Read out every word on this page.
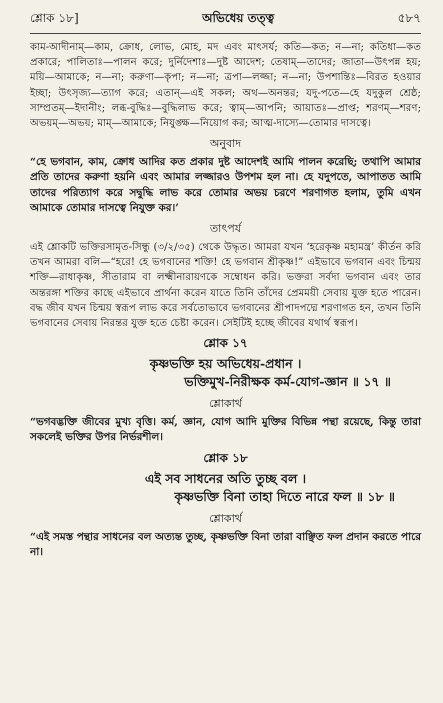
শ্লোক ১৮]	অভিধেয় তত্ত্ব	৫৮৭

কাম-আদীনাম্—কাম, ক্রোধ, লোভ, মোহ, মদ এবং মাৎসর্য; কতি—কত; ন—না; কতিধা—কত প্রকারে; পালিতাঃ—পালন করে; দুর্নিদেশাঃ—দুষ্ট আদেশ; তেষাম্—তাদের; জাতা—উৎপন্ন হয়; ময়ি—আমাকে; ন—না; করুণা—কৃপা; ন—না; ত্রপা—লজ্জা; ন—না; উপশান্তিঃ—বিরত হওয়ার ইচ্ছা; উৎসৃজ্য—ত্যাগ করে; এতান্—এই সকল; অথ—অনন্তর; যদু-পতে—হে যদুকুল শ্রেষ্ঠ; সাম্প্রতম্—ইদানীং; লব্ধ-বুদ্ধিঃ—বুদ্ধিলাভ করে; ত্বাম্—আপনি; আয়াতঃ—প্রাপ্ত; শরণম্—শরণ; অভয়ম্—অভয়; মাম্—আমাকে; নিযুঙ্ক্ষ—নিয়োগ কর; আত্ম-দাস্যে—তোমার দাসত্বে।

অনুবাদ

“হে ভগবান, কাম, ক্রোধ আদির কত প্রকার দুষ্ট আদেশই আমি পালন করেছি; তথাপি আমার প্রতি তাদের করুণা হয়নি এবং আমার লজ্জারও উপশম হল না। হে যদুপতে, আপাতত আমি তাদের পরিত্যাগ করে সদ্বুদ্ধি লাভ করে তোমার অভয় চরণে শরণাগত হলাম, তুমি এখন আমাকে তোমার দাসত্বে নিযুক্ত কর।’

তাৎপর্য

এই শ্লোকটি ভক্তিরসামৃত-সিন্ধু (৩/২/৩৫) থেকে উদ্ধৃত। আমরা যখন ‘হরেকৃষ্ণ মহামন্ত্র’ কীর্তন করি তখন আমরা বলি—“হরে! হে ভগবানের শক্তি! হে ভগবান শ্রীকৃষ্ণ!” এইভাবে ভগবান এবং চিন্ময় শক্তি—রাধাকৃষ্ণ, সীতারাম বা লক্ষ্মীনারায়ণকে সম্বোধন করি। ভক্তরা সর্বদা ভগবান এবং তার অন্তরঙ্গা শক্তির কাছে এইভাবে প্রার্থনা করেন যাতে তিনি তাঁদের প্রেমময়ী সেবায় যুক্ত হতে পারেন। বদ্ধ জীব যখন চিন্ময় স্বরূপ লাভ করে সর্বতোভাবে ভগবানের শ্রীপাদপদ্মে শরণাগত হন, তখন তিনি ভগবানের সেবায় নিরন্তর যুক্ত হতে চেষ্টা করেন। সেইটিই হচ্ছে জীবের যথার্থ স্বরূপ।

শ্লোক ১৭
কৃষ্ণভক্তি হয় অভিধেয়-প্রধান ।
ভক্তিমুখ-নিরীক্ষক কর্ম-যোগ-জ্ঞান ॥ ১৭ ॥
শ্লোকার্থ

“ভগবদ্ভক্তি জীবের মুখ্য বৃত্তি। কর্ম, জ্ঞান, যোগ আদি মুক্তির বিভিন্ন পন্থা রয়েছে, কিন্তু তারা সকলেই ভক্তির উপর নির্ভরশীল।

শ্লোক ১৮
এই সব সাধনের অতি তুচ্ছ বল ।
কৃষ্ণভক্তি বিনা তাহা দিতে নারে ফল ॥ ১৮ ॥
শ্লোকার্থ

“এই সমস্ত পন্থার সাধনের বল অত্যন্ত তুচ্ছ, কৃষ্ণভক্তি বিনা তারা বাঞ্ছিত ফল প্রদান করতে পারে না।
